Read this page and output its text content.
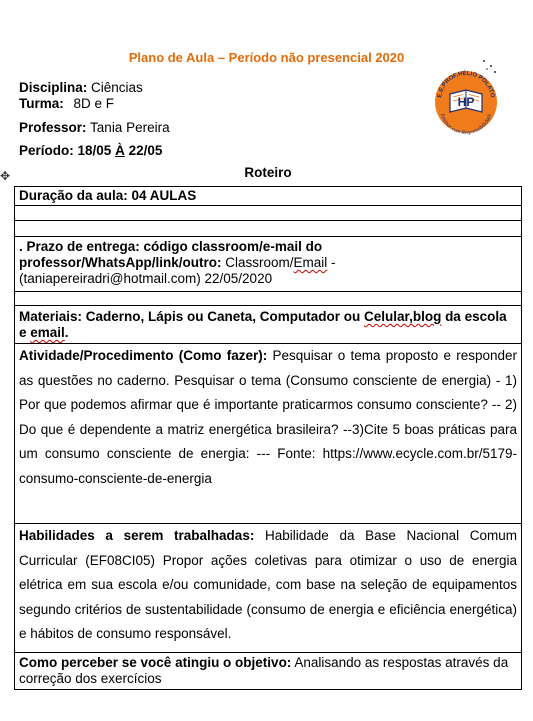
Plano de Aula – Período não presencial 2020
Disciplina: Ciências
Turma: 8D e F
Professor: Tania Pereira
Período: 18/05 À 22/05
E.E.PROF.HÉLIO POLATO
HP
Ensinar com Responsabilidade
✥	Roteiro
Duração da aula: 04 AULAS
. Prazo de entrega: código classroom/e-mail do professor/WhatsApp/link/outro: Classroom/Email - (taniapereiradri@hotmail.com) 22/05/2020
Materiais: Caderno, Lápis ou Caneta, Computador ou Celular,blog da escola e email.
Atividade/Procedimento (Como fazer): Pesquisar o tema proposto e responder as questões no caderno. Pesquisar o tema (Consumo consciente de energia) - 1) Por que podemos afirmar que é importante praticarmos consumo consciente? -- 2) Do que é dependente a matriz energética brasileira? --3)Cite 5 boas práticas para um consumo consciente de energia: --- Fonte: https://www.ecycle.com.br/5179-consumo-consciente-de-energia
Habilidades a serem trabalhadas: Habilidade da Base Nacional Comum Curricular (EF08CI05) Propor ações coletivas para otimizar o uso de energia elétrica em sua escola e/ou comunidade, com base na seleção de equipamentos segundo critérios de sustentabilidade (consumo de energia e eficiência energética) e hábitos de consumo responsável.
Como perceber se você atingiu o objetivo: Analisando as respostas através da correção dos exercícios
